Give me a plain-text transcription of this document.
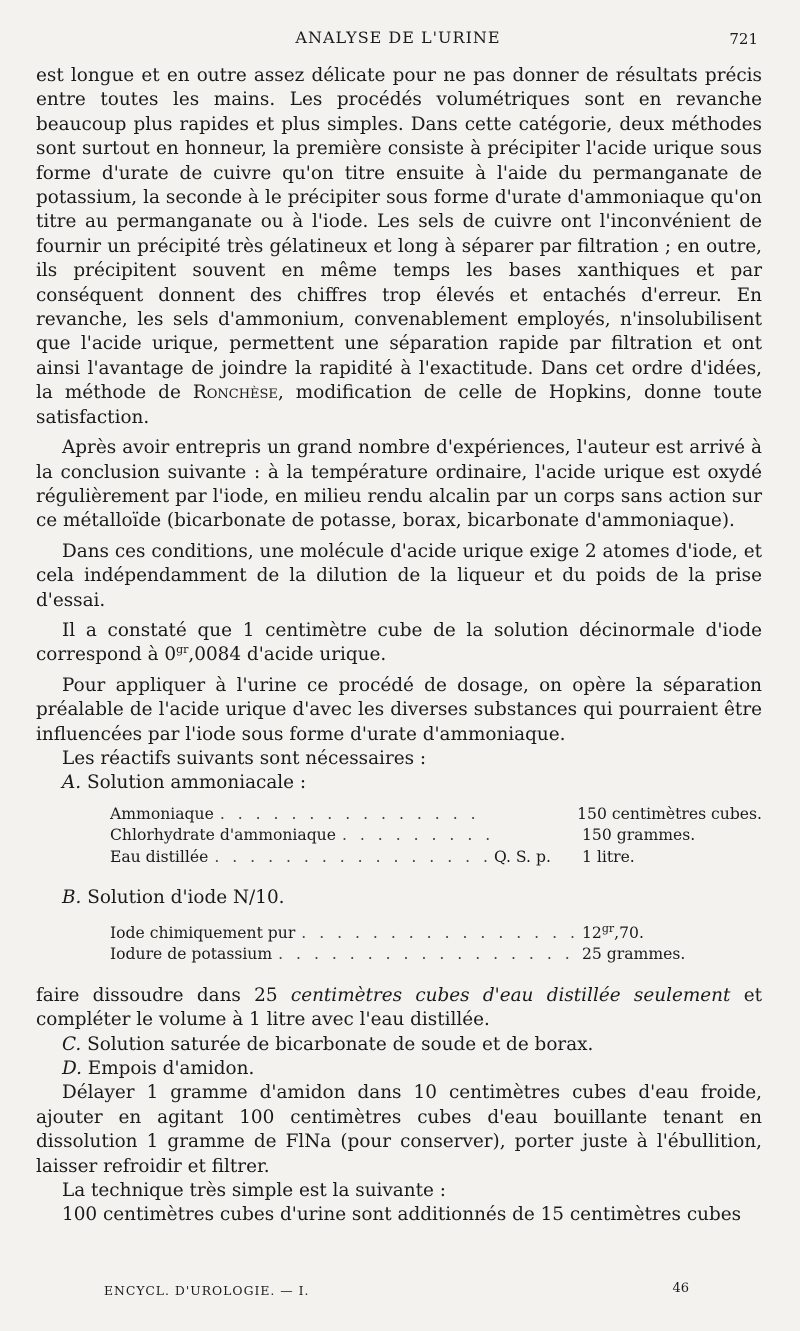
ANALYSE DE L'URINE	721

est longue et en outre assez délicate pour ne pas donner de résultats précis entre toutes les mains. Les procédés volumétriques sont en revanche beaucoup plus rapides et plus simples. Dans cette catégorie, deux méthodes sont surtout en honneur, la première consiste à précipiter l'acide urique sous forme d'urate de cuivre qu'on titre ensuite à l'aide du permanganate de potassium, la seconde à le précipiter sous forme d'urate d'ammoniaque qu'on titre au permanganate ou à l'iode. Les sels de cuivre ont l'inconvénient de fournir un précipité très gélatineux et long à séparer par filtration ; en outre, ils précipitent souvent en même temps les bases xanthiques et par conséquent donnent des chiffres trop élevés et entachés d'erreur. En revanche, les sels d'ammonium, convenablement employés, n'insolubilisent que l'acide urique, permettent une séparation rapide par filtration et ont ainsi l'avantage de joindre la rapidité à l'exactitude. Dans cet ordre d'idées, la méthode de Ronchèse, modification de celle de Hopkins, donne toute satisfaction.

Après avoir entrepris un grand nombre d'expériences, l'auteur est arrivé à la conclusion suivante : à la température ordinaire, l'acide urique est oxydé régulièrement par l'iode, en milieu rendu alcalin par un corps sans action sur ce métalloïde (bicarbonate de potasse, borax, bicarbonate d'ammoniaque).

Dans ces conditions, une molécule d'acide urique exige 2 atomes d'iode, et cela indépendamment de la dilution de la liqueur et du poids de la prise d'essai.

Il a constaté que 1 centimètre cube de la solution décinormale d'iode correspond à $0^{gr},0084$ d'acide urique.

Pour appliquer à l'urine ce procédé de dosage, on opère la séparation préalable de l'acide urique d'avec les diverses substances qui pourraient être influencées par l'iode sous forme d'urate d'ammoniaque.

Les réactifs suivants sont nécessaires :

A. Solution ammoniacale :

Ammoniaque . . .	150 centimètres cubes.
Chlorhydrate d'ammoniaque . . .	150 grammes.
Eau distillée . . .	Q. S. p.	1 litre.

B. Solution d'iode N/10.

Iode chimiquement pur . . .	$12^{gr},70$.
Iodure de potassium . . .	25 grammes.

faire dissoudre dans 25 centimètres cubes d'eau distillée seulement et compléter le volume à 1 litre avec l'eau distillée.

C. Solution saturée de bicarbonate de soude et de borax.

D. Empois d'amidon.

Délayer 1 gramme d'amidon dans 10 centimètres cubes d'eau froide, ajouter en agitant 100 centimètres cubes d'eau bouillante tenant en dissolution 1 gramme de FlNa (pour conserver), porter juste à l'ébullition, laisser refroidir et filtrer.

La technique très simple est la suivante :

100 centimètres cubes d'urine sont additionnés de 15 centimètres cubes

ENCYCL. D'UROLOGIE. — I.	46
